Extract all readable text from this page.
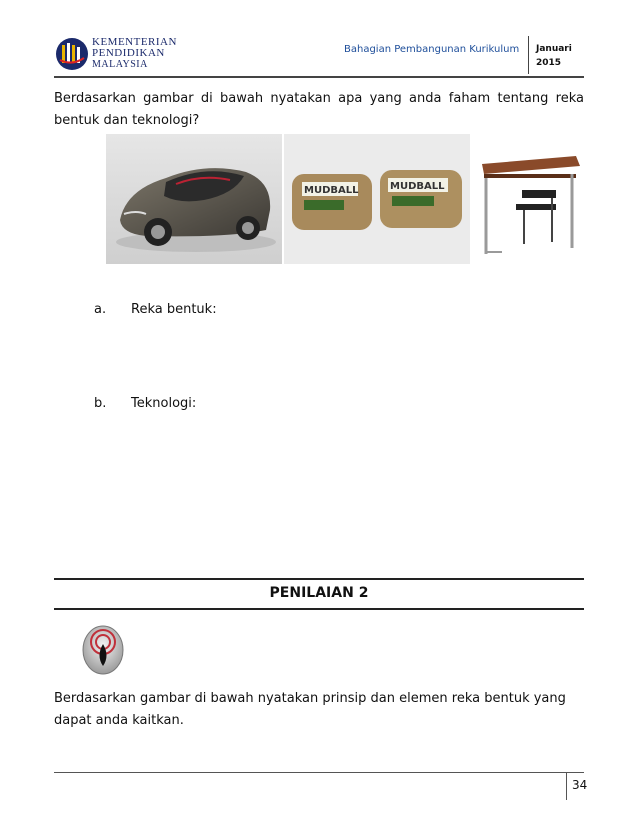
KEMENTERIAN
PENDIDIKAN
MALAYSIA
Bahagian Pembangunan Kurikulum Januari
2015
Berdasarkan gambar di bawah nyatakan apa yang anda faham tentang reka bentuk dan teknologi?
MUDBALL	MUDBALL
a. Reka bentuk:
b. Teknologi:
PENILAIAN 2
Berdasarkan gambar di bawah nyatakan prinsip dan elemen reka bentuk yang dapat anda kaitkan.
34
